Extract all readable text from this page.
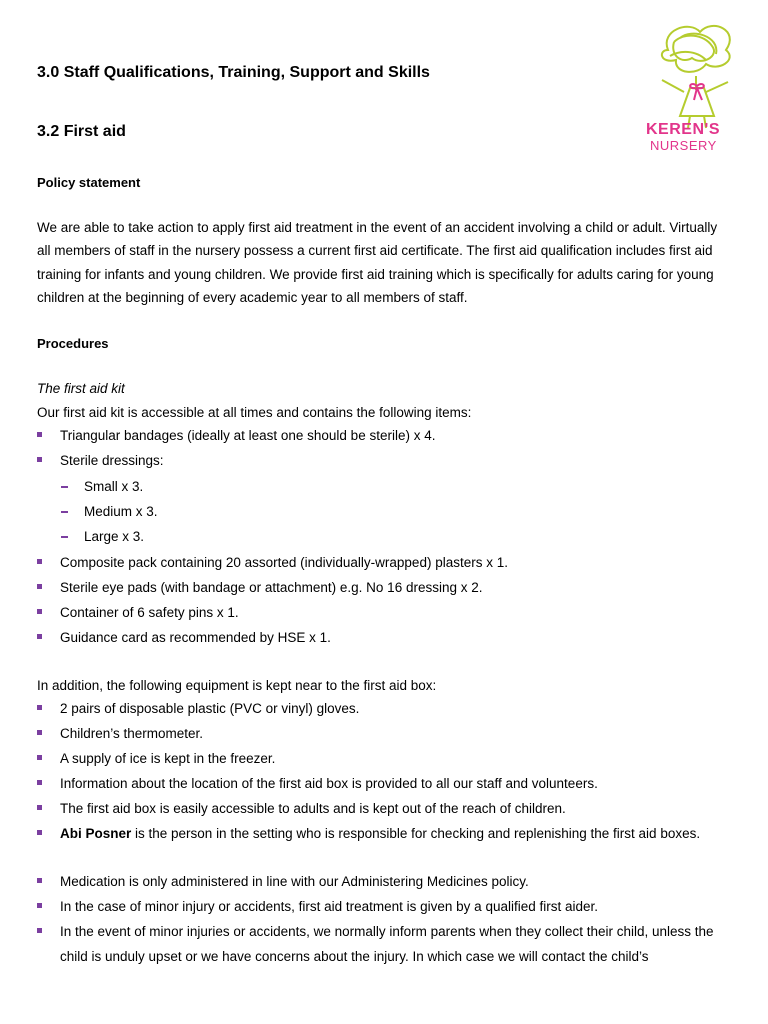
KEREN'S
NURSERY
3.0 Staff Qualifications, Training, Support and Skills
3.2 First aid
Policy statement
We are able to take action to apply first aid treatment in the event of an accident involving a child or adult. Virtually all members of staff in the nursery possess a current first aid certificate. The first aid qualification includes first aid training for infants and young children. We provide first aid training which is specifically for adults caring for young children at the beginning of every academic year to all members of staff.
Procedures
The first aid kit
Our first aid kit is accessible at all times and contains the following items:
Triangular bandages (ideally at least one should be sterile) x 4.
Sterile dressings:
Small x 3.
Medium x 3.
Large x 3.
Composite pack containing 20 assorted (individually-wrapped) plasters x 1.
Sterile eye pads (with bandage or attachment) e.g. No 16 dressing x 2.
Container of 6 safety pins x 1.
Guidance card as recommended by HSE x 1.
In addition, the following equipment is kept near to the first aid box:
2 pairs of disposable plastic (PVC or vinyl) gloves.
Children’s thermometer.
A supply of ice is kept in the freezer.
Information about the location of the first aid box is provided to all our staff and volunteers.
The first aid box is easily accessible to adults and is kept out of the reach of children.
Abi Posner is the person in the setting who is responsible for checking and replenishing the first aid boxes.
Medication is only administered in line with our Administering Medicines policy.
In the case of minor injury or accidents, first aid treatment is given by a qualified first aider.
In the event of minor injuries or accidents, we normally inform parents when they collect their child, unless the child is unduly upset or we have concerns about the injury. In which case we will contact the child’s
